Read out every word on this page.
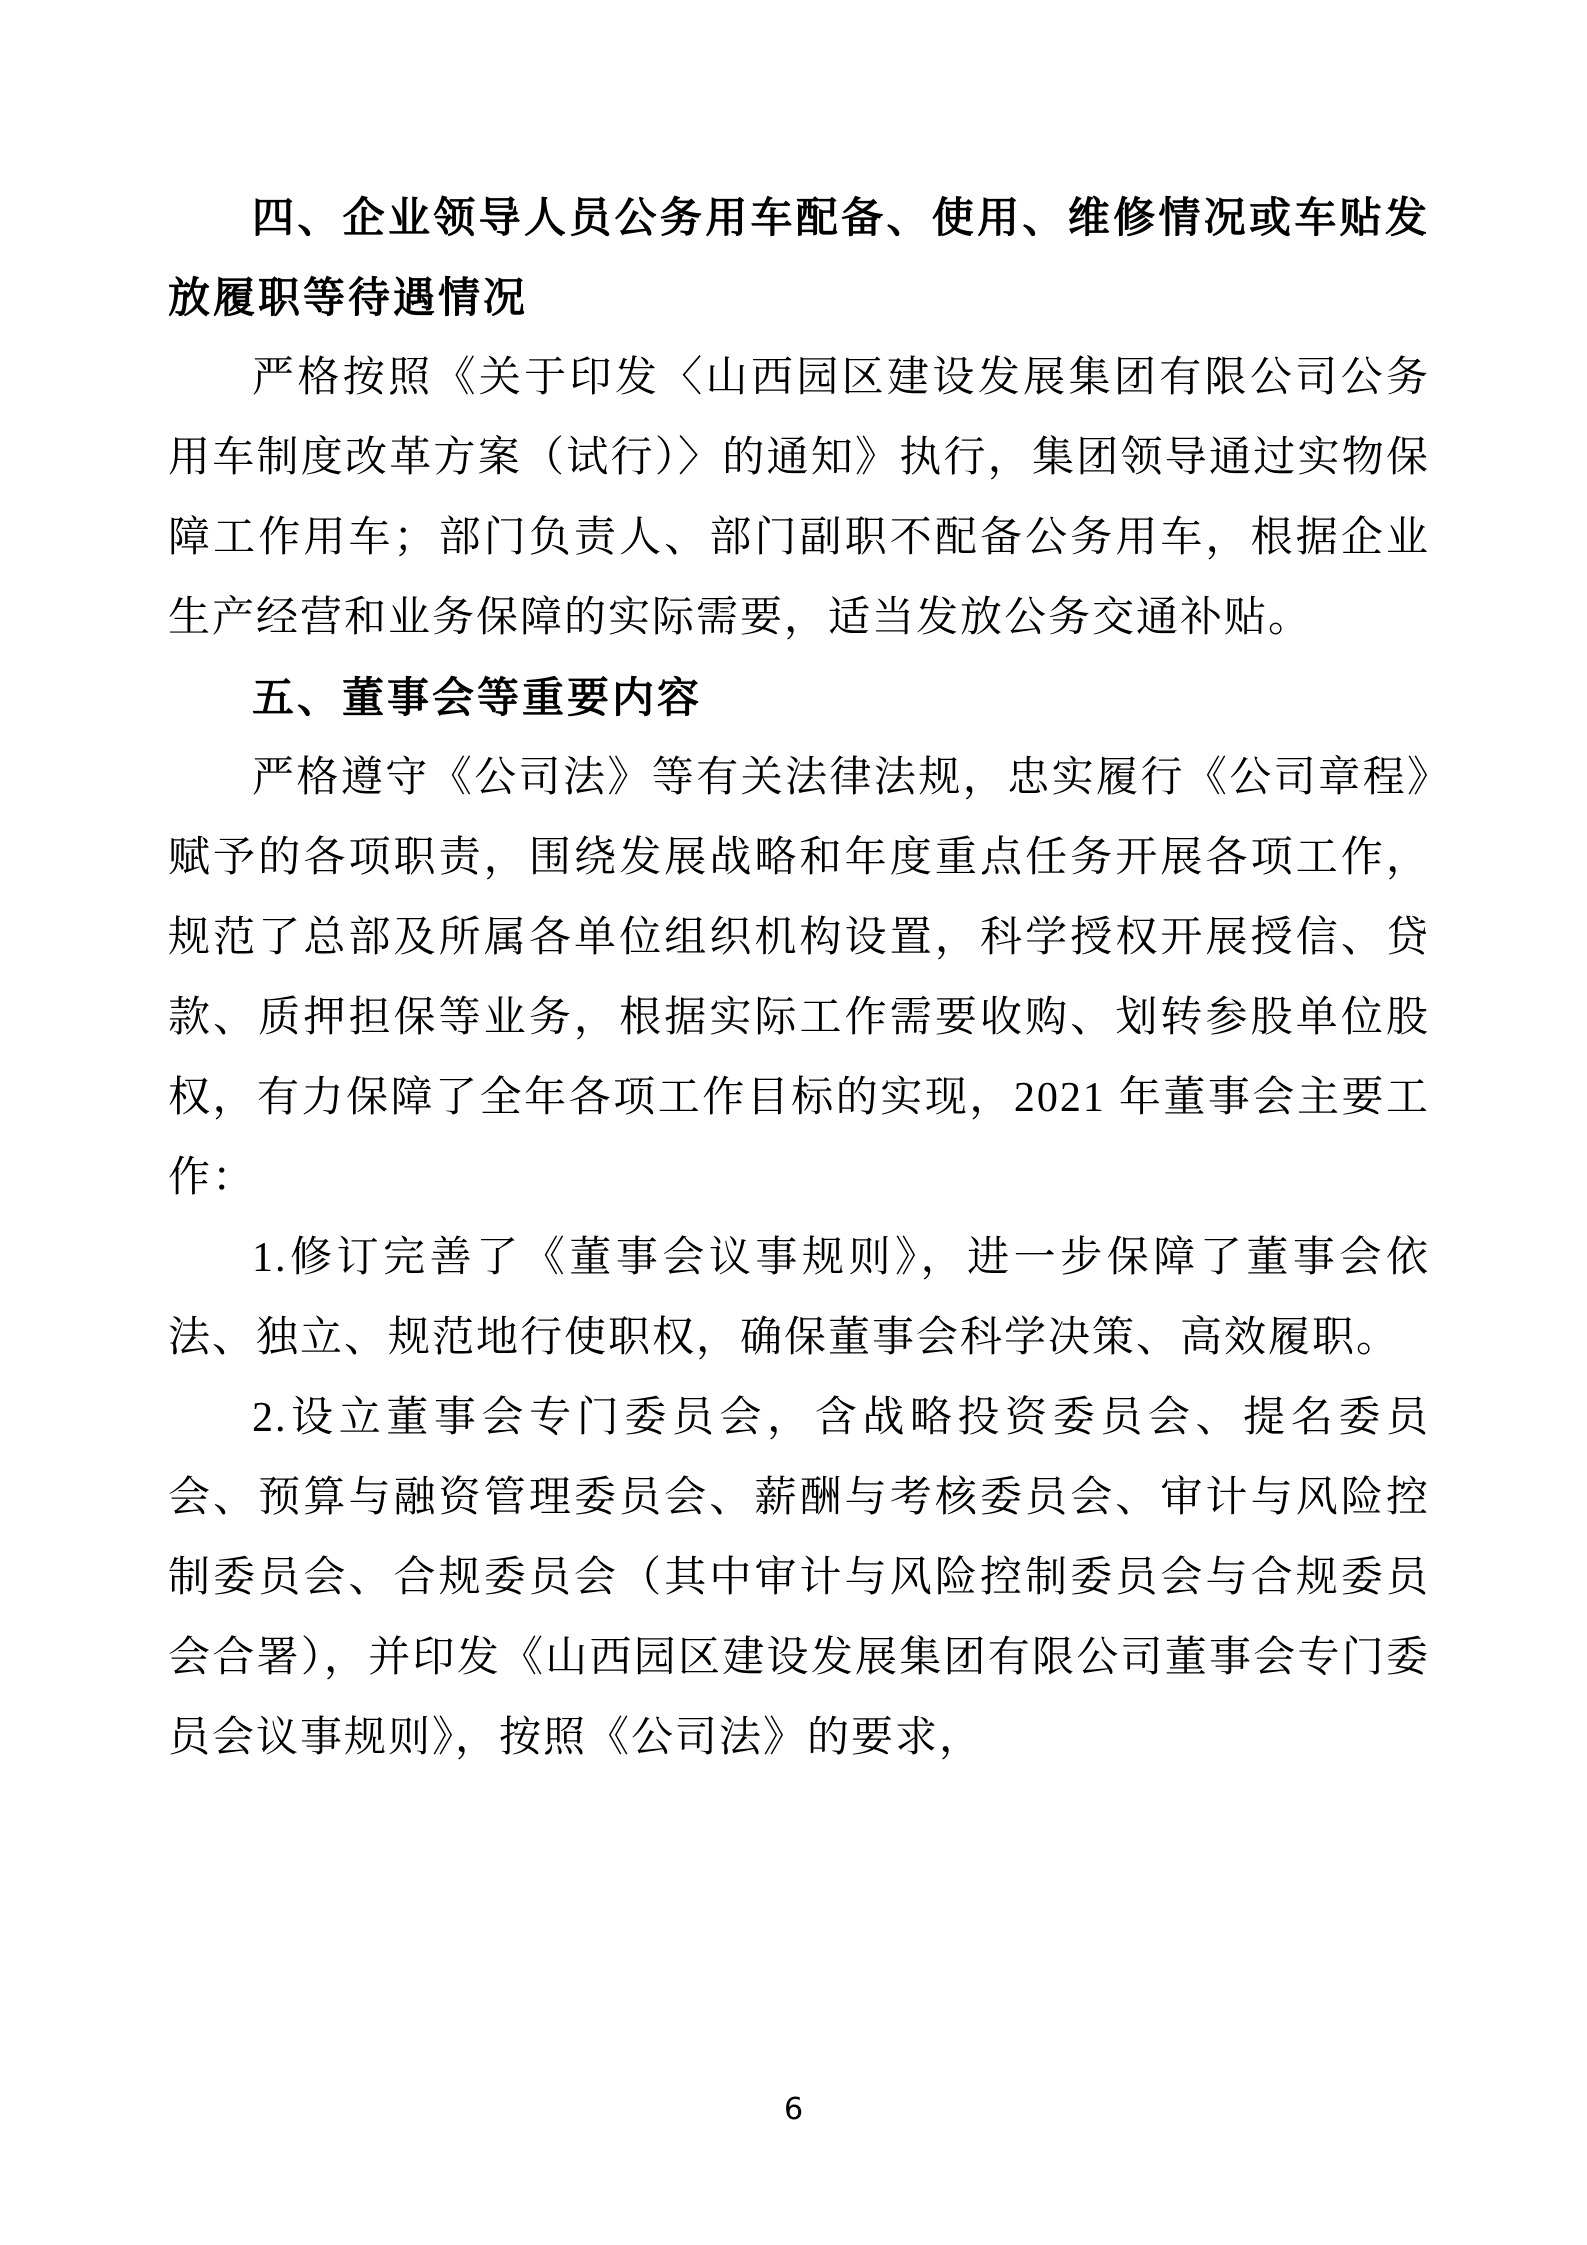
四、企业领导人员公务用车配备、使用、维修情况或车贴发放履职等待遇情况

严格按照《关于印发〈山西园区建设发展集团有限公司公务用车制度改革方案（试行）〉的通知》执行，集团领导通过实物保障工作用车；部门负责人、部门副职不配备公务用车，根据企业生产经营和业务保障的实际需要，适当发放公务交通补贴。

五、董事会等重要内容

严格遵守《公司法》等有关法律法规，忠实履行《公司章程》赋予的各项职责，围绕发展战略和年度重点任务开展各项工作，规范了总部及所属各单位组织机构设置，科学授权开展授信、贷款、质押担保等业务，根据实际工作需要收购、划转参股单位股权，有力保障了全年各项工作目标的实现，2021 年董事会主要工作：

1.修订完善了《董事会议事规则》，进一步保障了董事会依法、独立、规范地行使职权，确保董事会科学决策、高效履职。

2.设立董事会专门委员会，含战略投资委员会、提名委员会、预算与融资管理委员会、薪酬与考核委员会、审计与风险控制委员会、合规委员会（其中审计与风险控制委员会与合规委员会合署），并印发《山西园区建设发展集团有限公司董事会专门委员会议事规则》，按照《公司法》的要求，

6
